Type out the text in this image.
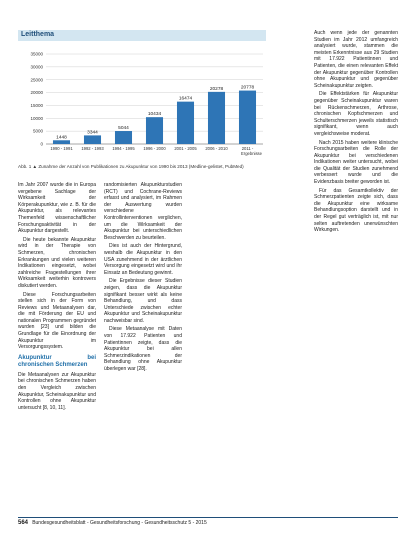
Leitthema
0
5000
10000
15000
20000
25000
30000
35000
1448
1990 - 1991
3344
1992 - 1993
5044
1994 - 1995
10434
1996 - 2000
16474
2001 - 2005
20278
2006 - 2010
20778
2011 -
Ergebnisse
Abb. 1 ▲ Zunahme der Anzahl von Publikationen zu Akupunktur von 1990 bis 2013 (Medline-gelistet, PubMed)

Im Jahr 2007 wurde die in Europa vergebene Sachlage der Wirksamkeit der Körperakupunktur, wie z. B. für die Akupunktur, als relevantes Themenfeld wissenschaftlicher Forschungsaktivität in der Akupunktur dargestellt.

Die heute bekannte Akupunktur wird in der Therapie von Schmerzen, chronischen Erkrankungen und vielen weiteren Indikationen eingesetzt, wobei zahlreiche Fragestellungen ihrer Wirksamkeit weiterhin kontrovers diskutiert werden.

Diese Forschungsarbeiten stellen sich in der Form von Reviews und Metaanalysen dar, die mit Förderung der EU und nationalen Programmen gegründet wurden [23] und bilden die Grundlage für die Einordnung der Akupunktur im Versorgungssystem.

Akupunktur bei chronischen Schmerzen

Die Metaanalysen zur Akupunktur bei chronischen Schmerzen haben den Vergleich zwischen Akupunktur, Scheinakupunktur und Kontrollen ohne Akupunktur untersucht [8, 10, 11].

randomisierten Akupunkturstudien (RCT) und Cochrane-Reviews erfasst und analysiert, im Rahmen der Auswertung wurden verschiedene Kontrollinterventionen verglichen, um die Wirksamkeit der Akupunktur bei unterschiedlichen Beschwerden zu beurteilen.

Dies ist auch der Hintergrund, weshalb die Akupunktur in den USA zunehmend in der ärztlichen Versorgung eingesetzt wird und ihr Einsatz an Bedeutung gewinnt.

Die Ergebnisse dieser Studien zeigen, dass die Akupunktur signifikant besser wirkt als keine Behandlung, und dass Unterschiede zwischen echter Akupunktur und Scheinakupunktur nachweisbar sind.

Diese Metaanalyse mit Daten von 17.922 Patienten und Patientinnen zeigte, dass die Akupunktur bei allen Schmerzindikationen der Behandlung ohne Akupunktur überlegen war [28].

Auch wenn jede der genannten Studien im Jahr 2012 umfangreich analysiert wurde, stammen die meisten Erkenntnisse aus 29 Studien mit 17.922 Patientinnen und Patienten, die einen relevanten Effekt der Akupunktur gegenüber Kontrollen ohne Akupunktur und gegenüber Scheinakupunktur zeigten.

Die Effektstärken für Akupunktur gegenüber Scheinakupunktur waren bei Rückenschmerzen, Arthrose, chronischen Kopfschmerzen und Schulterschmerzen jeweils statistisch signifikant, wenn auch vergleichsweise moderat.

Nach 2015 haben weitere klinische Forschungsarbeiten die Rolle der Akupunktur bei verschiedenen Indikationen weiter untersucht, wobei die Qualität der Studien zunehmend verbessert wurde und die Evidenzbasis breiter geworden ist.

Für das Gesamtkollektiv der Schmerzpatienten zeigte sich, dass die Akupunktur eine wirksame Behandlungsoption darstellt und in der Regel gut verträglich ist, mit nur selten auftretenden unerwünschten Wirkungen.

564 Bundesgesundheitsblatt - Gesundheitsforschung - Gesundheitsschutz 5 - 2015
